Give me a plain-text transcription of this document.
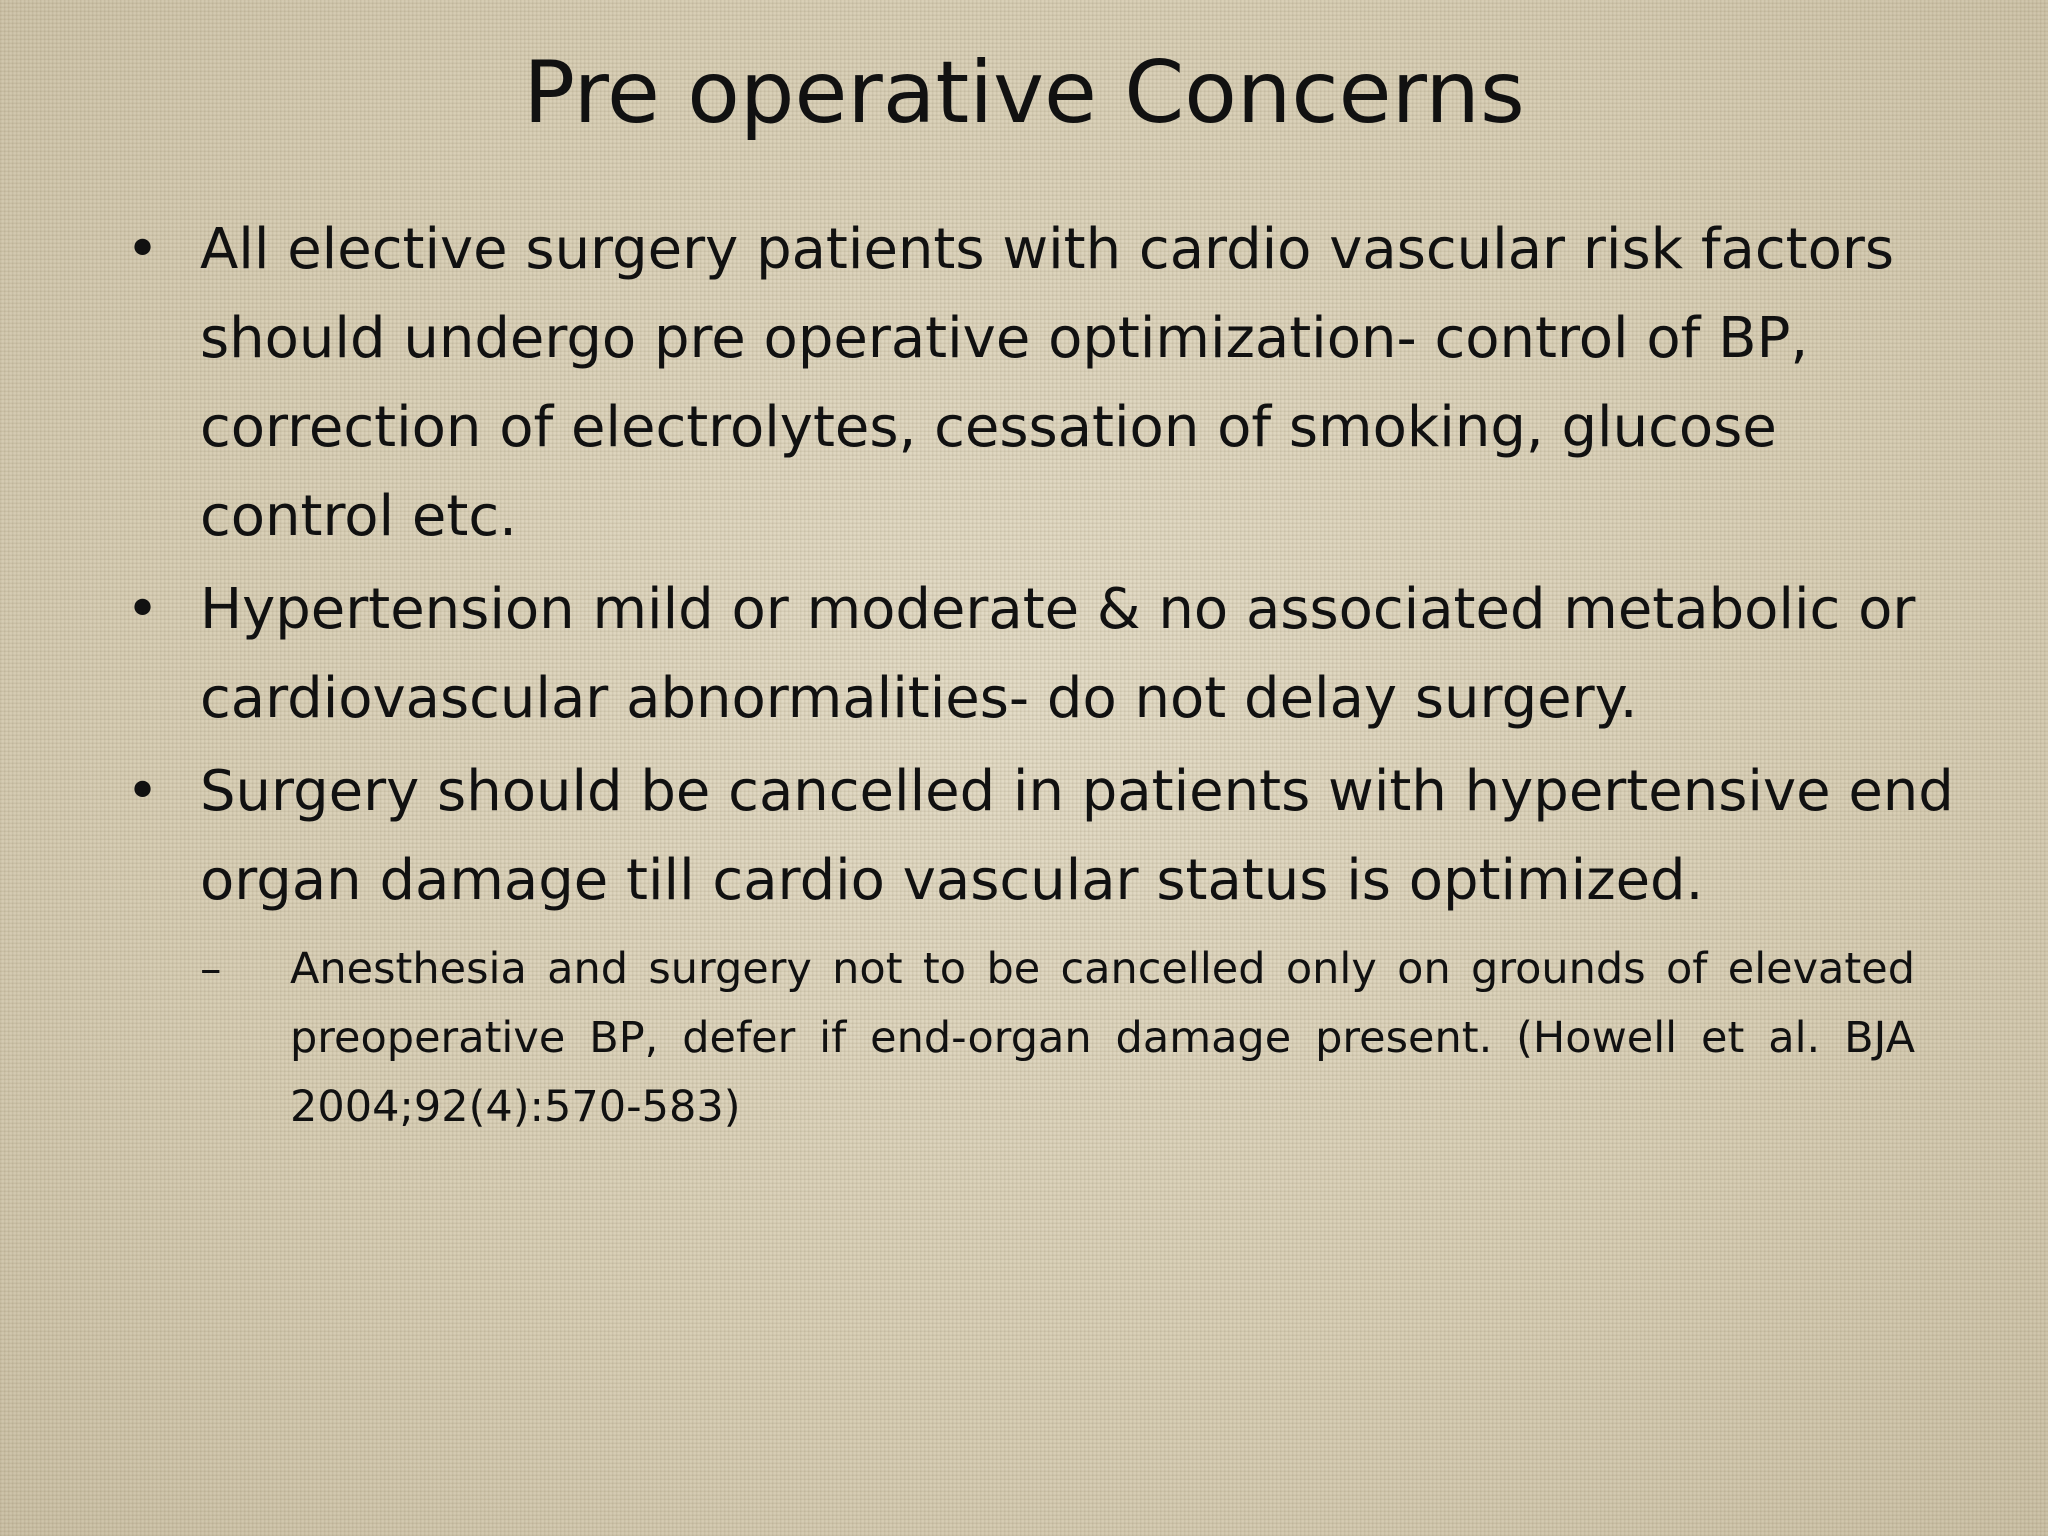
Pre operative Concerns
• All elective surgery patients with cardio vascular risk factors should undergo pre operative optimization- control of BP, correction of electrolytes, cessation of smoking, glucose control etc.
• Hypertension mild or moderate & no associated metabolic or cardiovascular abnormalities- do not delay surgery.
• Surgery should be cancelled in patients with hypertensive end organ damage till cardio vascular status is optimized.
– Anesthesia and surgery not to be cancelled only on grounds of elevated preoperative BP, defer if end-organ damage present. (Howell et al. BJA 2004;92(4):570-583)
